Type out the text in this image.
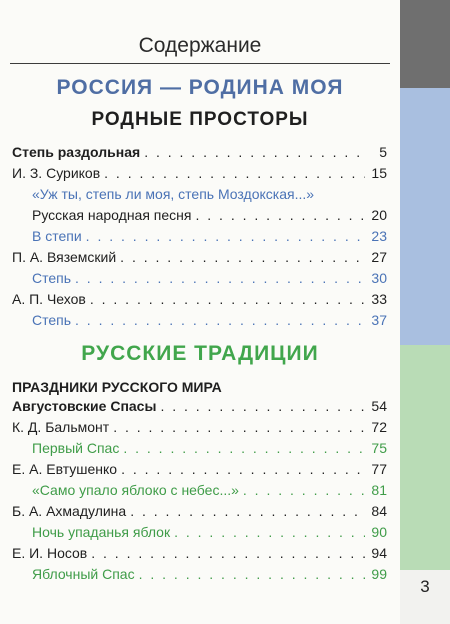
3
Содержание
РОССИЯ — РОДИНА МОЯ
РОДНЫЕ ПРОСТОРЫ
Степь раздольная . . .	5
И. З. Суриков . . .	15
«Уж ты, степь ли моя, степь Моздокская...»
Русская народная песня . . .	20
В степи . . .	23
П. А. Вяземский . . .	27
Степь . . .	30
А. П. Чехов . . .	33
Степь . . .	37
РУССКИЕ ТРАДИЦИИ
ПРАЗДНИКИ РУССКОГО МИРА
Августовские Спасы . . .	54
К. Д. Бальмонт . . .	72
Первый Спас . . .	75
Е. А. Евтушенко . . .	77
«Само упало яблоко с небес...» . . .	81
Б. А. Ахмадулина . . .	84
Ночь упаданья яблок . . .	90
Е. И. Носов . . .	94
Яблочный Спас . . .	99
